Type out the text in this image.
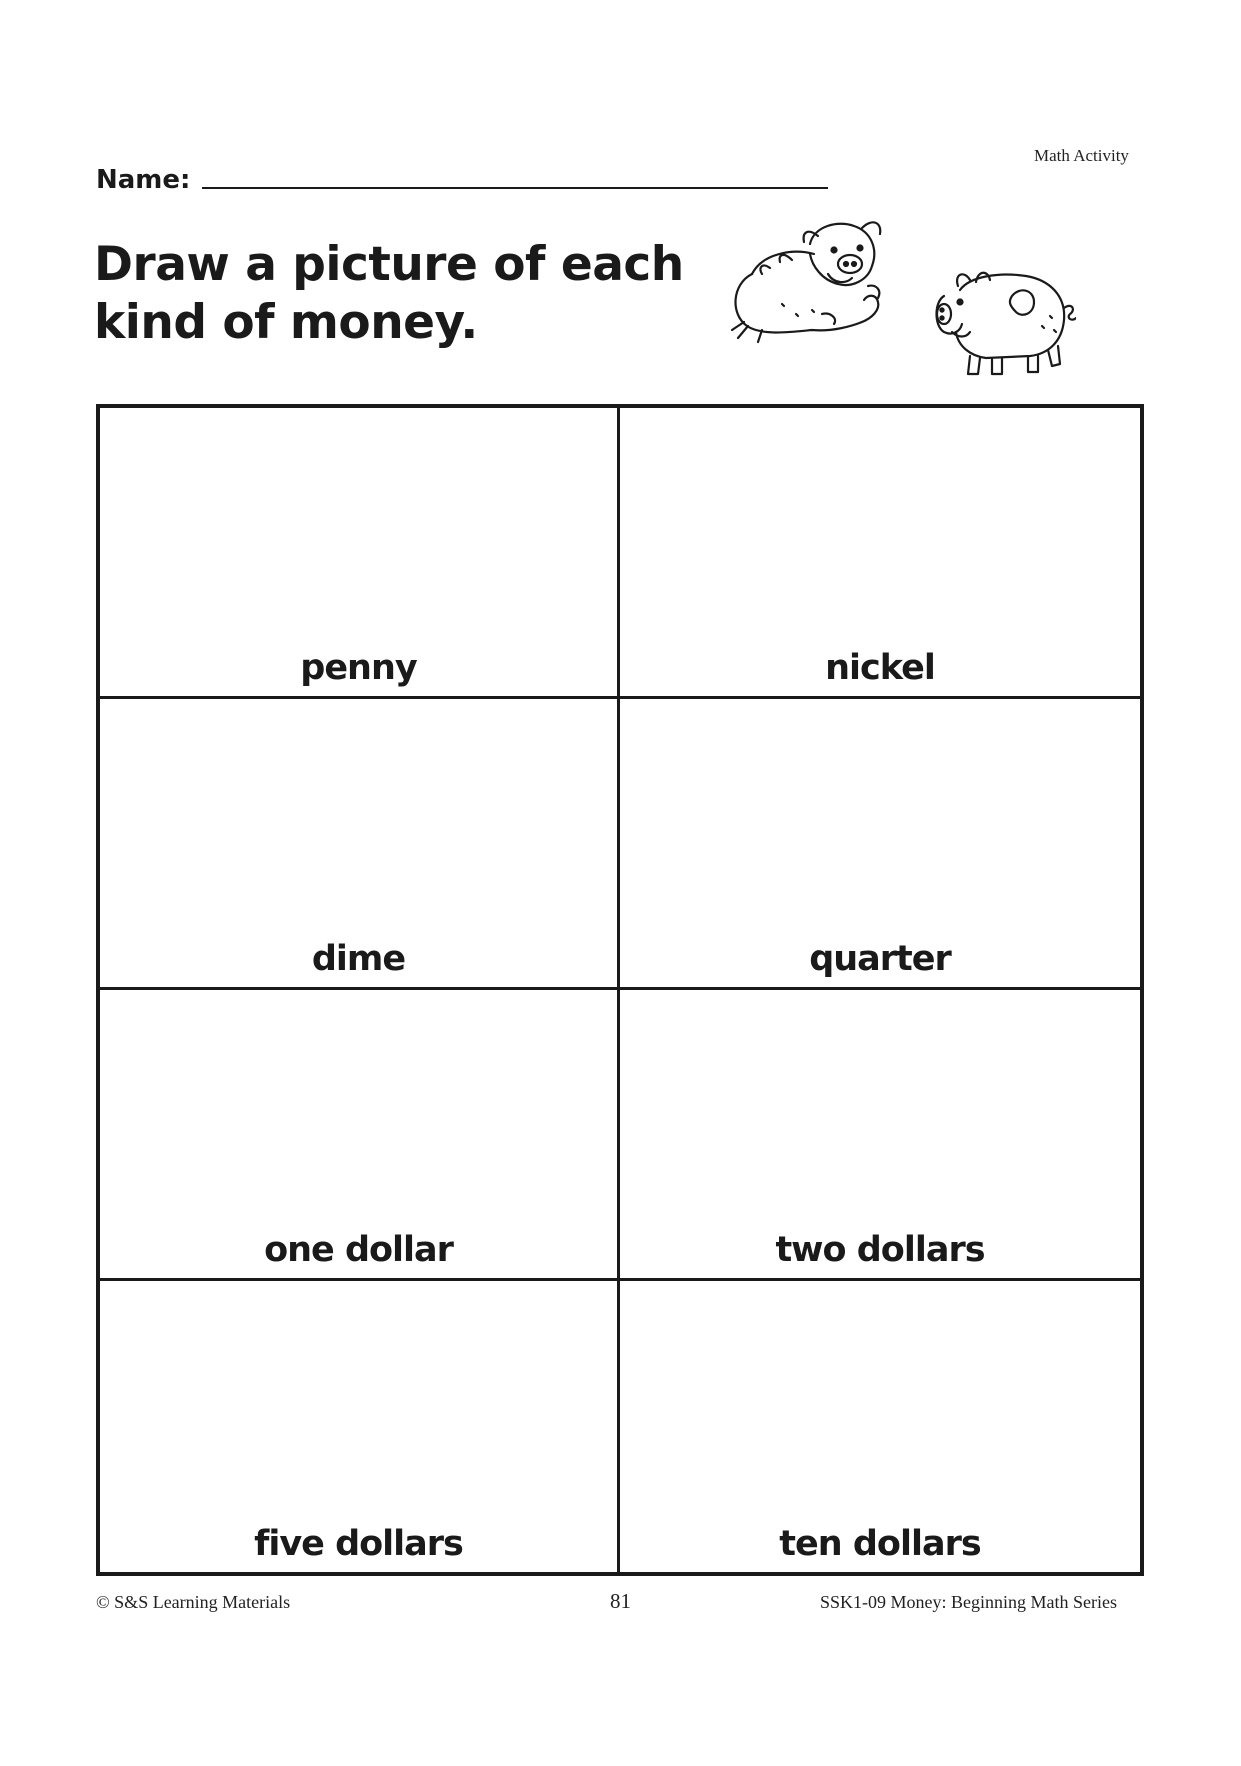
Math Activity
Name:
Draw a picture of each kind of money.
penny	nickel
dime	quarter
one dollar	two dollars
five dollars	ten dollars
© S&S Learning Materials	81	SSK1-09 Money: Beginning Math Series
